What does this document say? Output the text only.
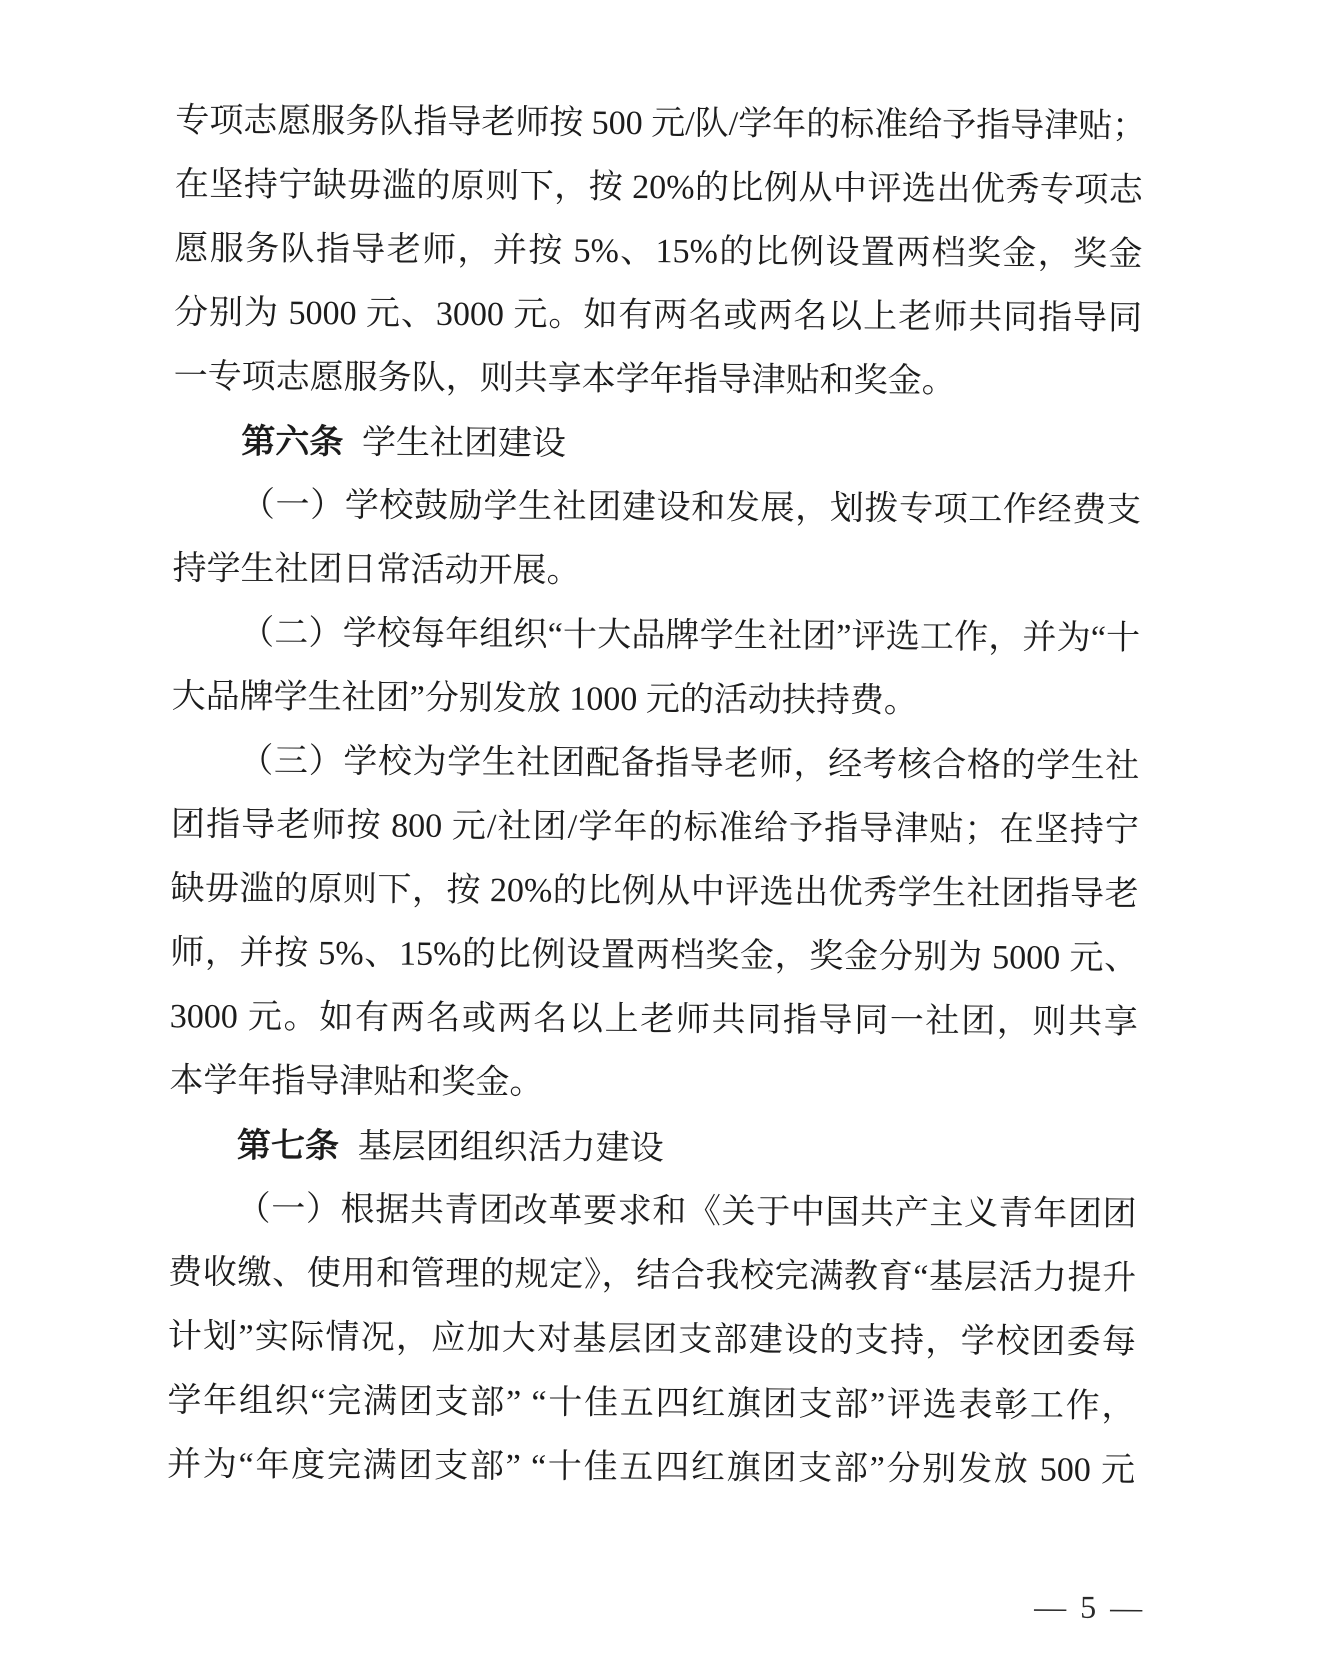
专项志愿服务队指导老师按 500 元/队/学年的标准给予指导津贴；
在坚持宁缺毋滥的原则下，按 20%的比例从中评选出优秀专项志
愿服务队指导老师，并按 5%、15%的比例设置两档奖金，奖金
分别为 5000 元、3000 元。如有两名或两名以上老师共同指导同
一专项志愿服务队，则共享本学年指导津贴和奖金。
第六条 学生社团建设
（一）学校鼓励学生社团建设和发展，划拨专项工作经费支
持学生社团日常活动开展。
（二）学校每年组织“十大品牌学生社团”评选工作，并为“十
大品牌学生社团”分别发放 1000 元的活动扶持费。
（三）学校为学生社团配备指导老师，经考核合格的学生社
团指导老师按 800 元/社团/学年的标准给予指导津贴；在坚持宁
缺毋滥的原则下，按 20%的比例从中评选出优秀学生社团指导老
师，并按 5%、15%的比例设置两档奖金，奖金分别为 5000 元、
3000 元。如有两名或两名以上老师共同指导同一社团，则共享
本学年指导津贴和奖金。
第七条 基层团组织活力建设
（一）根据共青团改革要求和《关于中国共产主义青年团团
费收缴、使用和管理的规定》，结合我校完满教育“基层活力提升
计划”实际情况，应加大对基层团支部建设的支持，学校团委每
学年组织“完满团支部” “十佳五四红旗团支部”评选表彰工作，
并为“年度完满团支部” “十佳五四红旗团支部”分别发放 500 元
— 5 —
